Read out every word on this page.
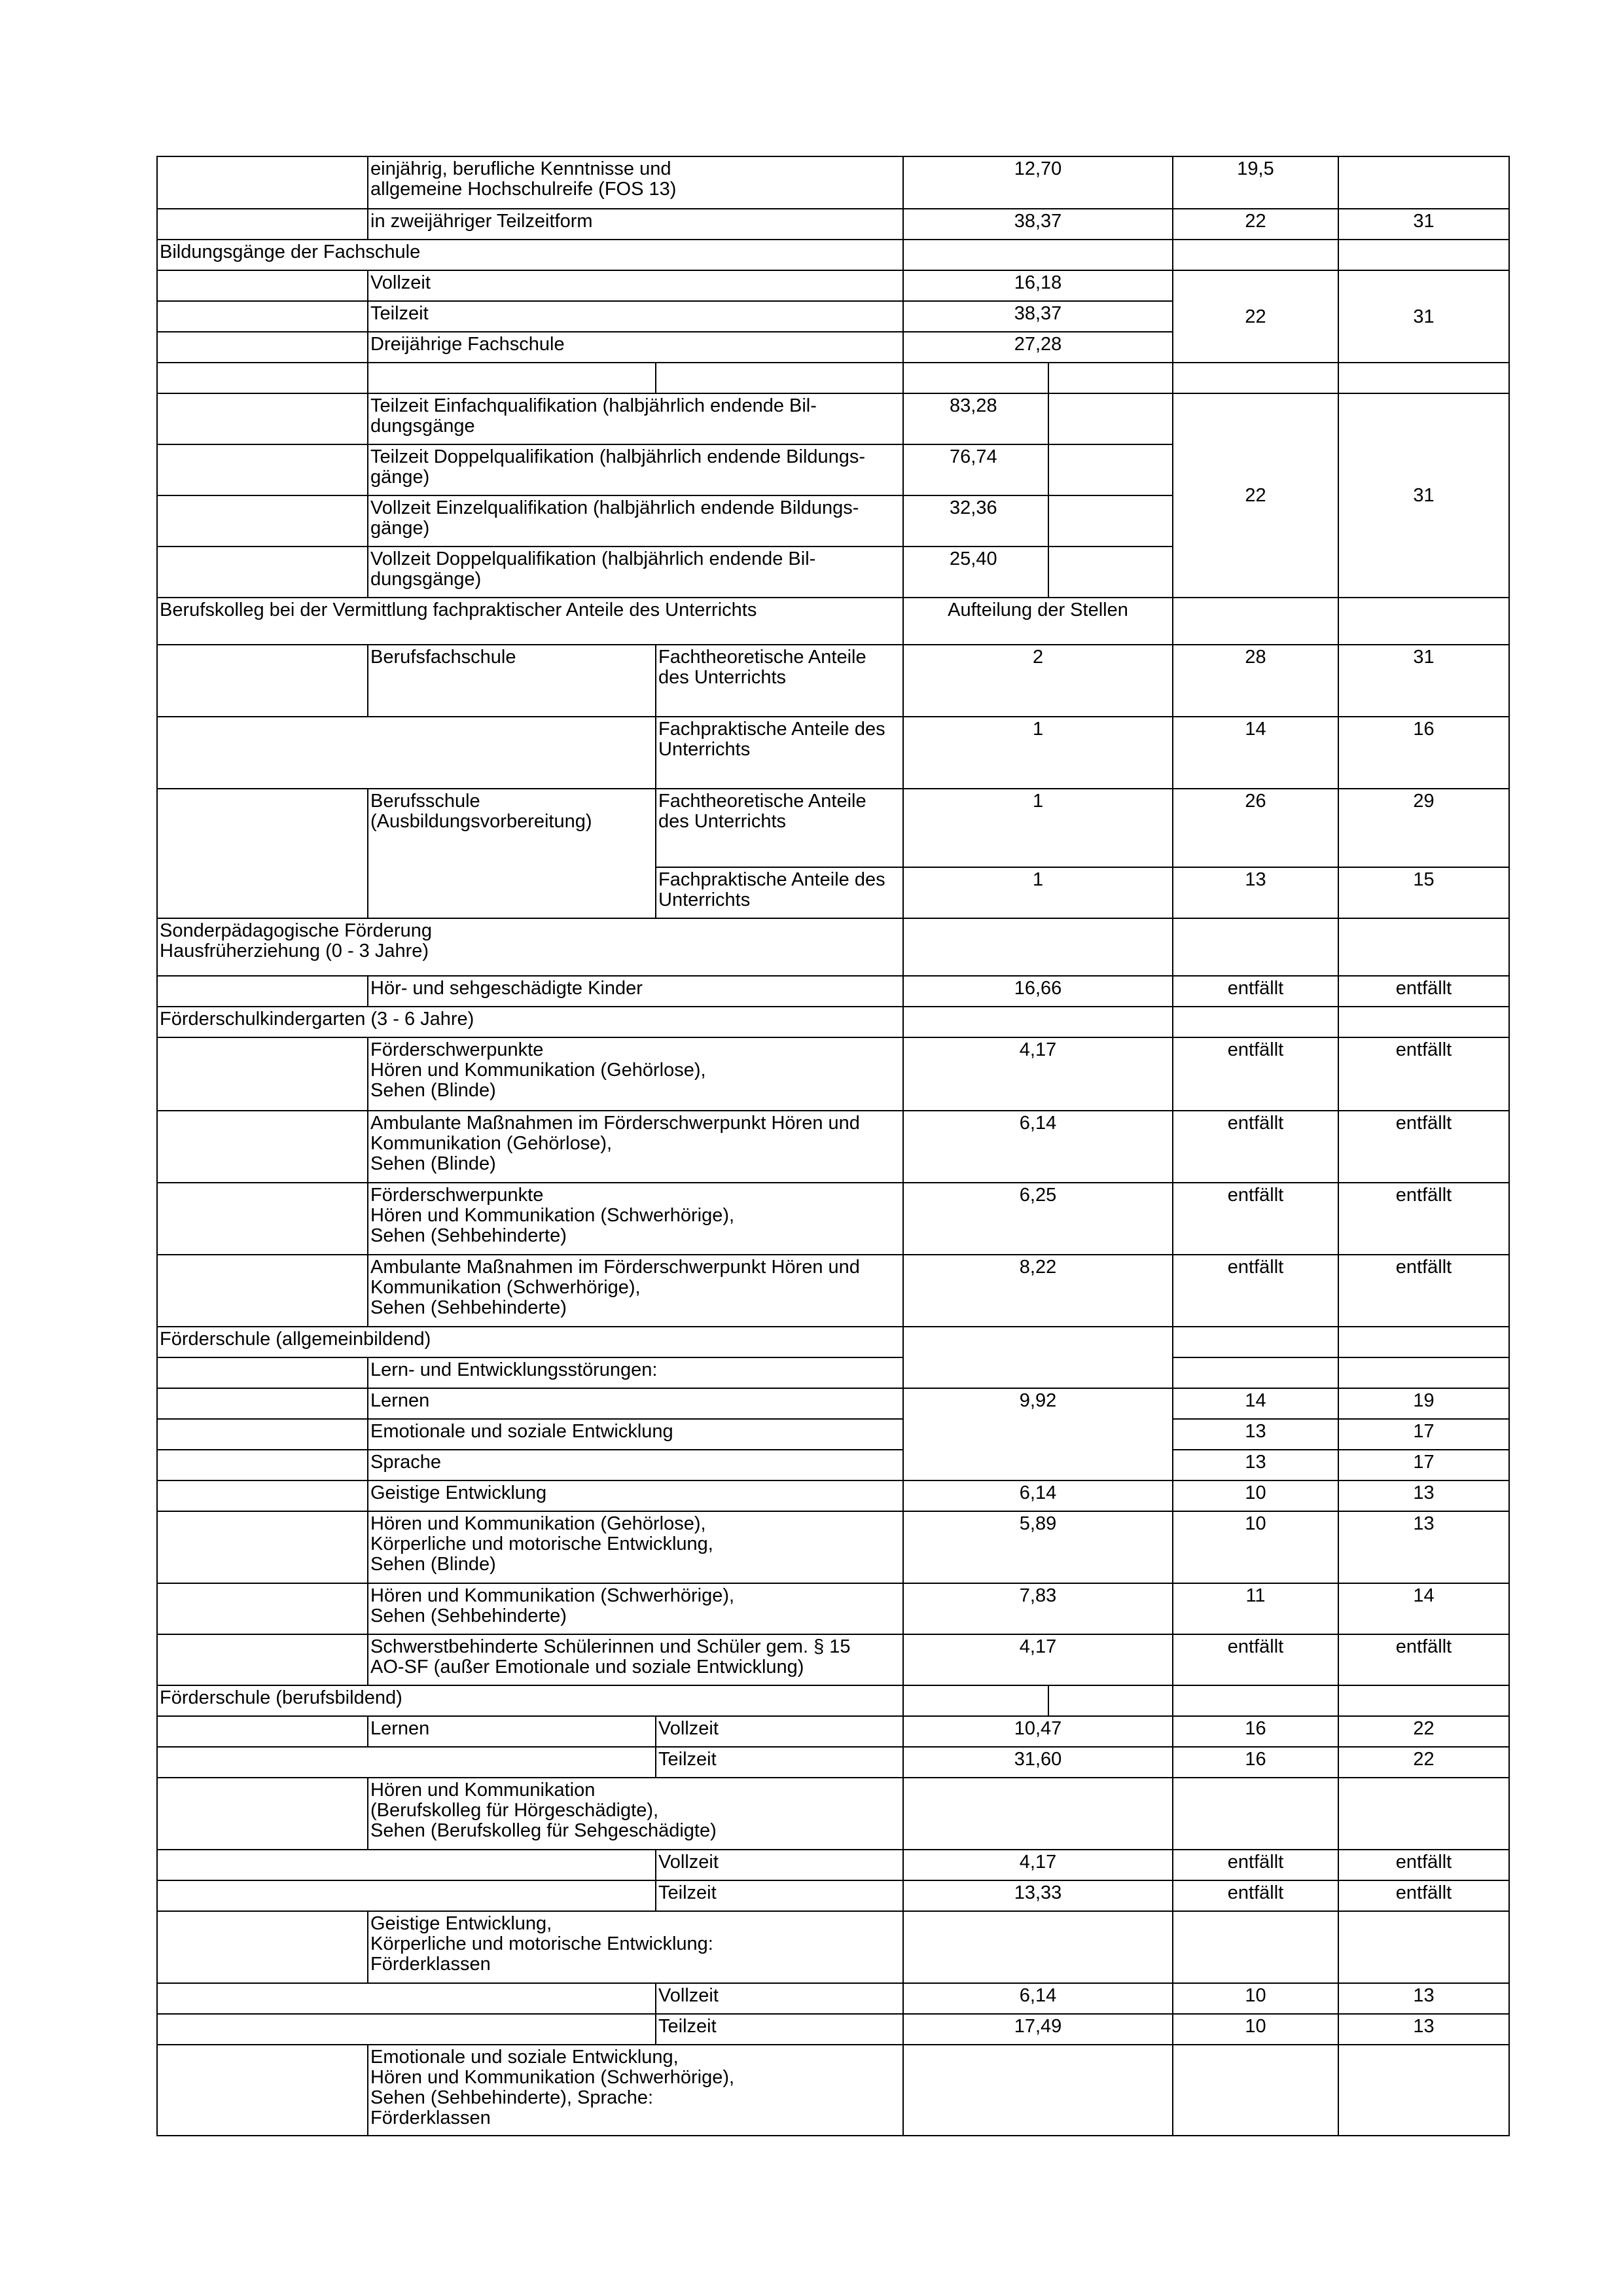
	einjährig, berufliche Kenntnisse und
allgemeine Hochschulreife (FOS 13)		12,70		19,5	
	in zweijähriger Teilzeitform		38,37		22	31
Bildungsgänge der Fachschule						
	Vollzeit		16,18		22	31
	Teilzeit		38,37			
	Dreijährige Fachschule		27,28			

	Teilzeit Einfachqualifikation (halbjährlich endende Bil-
dungsgänge		83,28		22	31
	Teilzeit Doppelqualifikation (halbjährlich endende Bildungs-
gänge)		76,74			
	Vollzeit Einzelqualifikation (halbjährlich endende Bildungs-
gänge)		32,36			
	Vollzeit Doppelqualifikation (halbjährlich endende Bil-
dungsgänge)		25,40			
Berufskolleg bei der Vermittlung fachpraktischer Anteile des Unterrichts			Aufteilung der Stellen			
	Berufsfachschule	Fachtheoretische Anteile
des Unterrichts	2		28	31
		Fachpraktische Anteile des
Unterrichts	1		14	16
	Berufsschule
(Ausbildungsvorbereitung)	Fachtheoretische Anteile
des Unterrichts	1		26	29
		Fachpraktische Anteile des
Unterrichts	1		13	15
Sonderpädagogische Förderung
Hausfrüherziehung (0 - 3 Jahre)						
	Hör- und sehgeschädigte Kinder		16,66		entfällt	entfällt
Förderschulkindergarten (3 - 6 Jahre)						
	Förderschwerpunkte
Hören und Kommunikation (Gehörlose),
Sehen (Blinde)		4,17		entfällt	entfällt
	Ambulante Maßnahmen im Förderschwerpunkt Hören und
Kommunikation (Gehörlose),
Sehen (Blinde)		6,14		entfällt	entfällt
	Förderschwerpunkte
Hören und Kommunikation (Schwerhörige),
Sehen (Sehbehinderte)		6,25		entfällt	entfällt
	Ambulante Maßnahmen im Förderschwerpunkt Hören und
Kommunikation (Schwerhörige),
Sehen (Sehbehinderte)		8,22		entfällt	entfällt
Förderschule (allgemeinbildend)						
	Lern- und Entwicklungsstörungen:					
	Lernen		9,92		14	19
	Emotionale und soziale Entwicklung				13	17
	Sprache				13	17
	Geistige Entwicklung		6,14		10	13
	Hören und Kommunikation (Gehörlose),
Körperliche und motorische Entwicklung,
Sehen (Blinde)		5,89		10	13
	Hören und Kommunikation (Schwerhörige),
Sehen (Sehbehinderte)		7,83		11	14
	Schwerstbehinderte Schülerinnen und Schüler gem. § 15
AO-SF (außer Emotionale und soziale Entwicklung)		4,17		entfällt	entfällt
Förderschule (berufsbildend)						
	Lernen	Vollzeit	10,47		16	22
		Teilzeit	31,60		16	22
	Hören und Kommunikation
(Berufskolleg für Hörgeschädigte),
Sehen (Berufskolleg für Sehgeschädigte)					
		Vollzeit	4,17		entfällt	entfällt
		Teilzeit	13,33		entfällt	entfällt
	Geistige Entwicklung,
Körperliche und motorische Entwicklung:
Förderklassen					
		Vollzeit	6,14		10	13
		Teilzeit	17,49		10	13
	Emotionale und soziale Entwicklung,
Hören und Kommunikation (Schwerhörige),
Sehen (Sehbehinderte), Sprache:
Förderklassen					
